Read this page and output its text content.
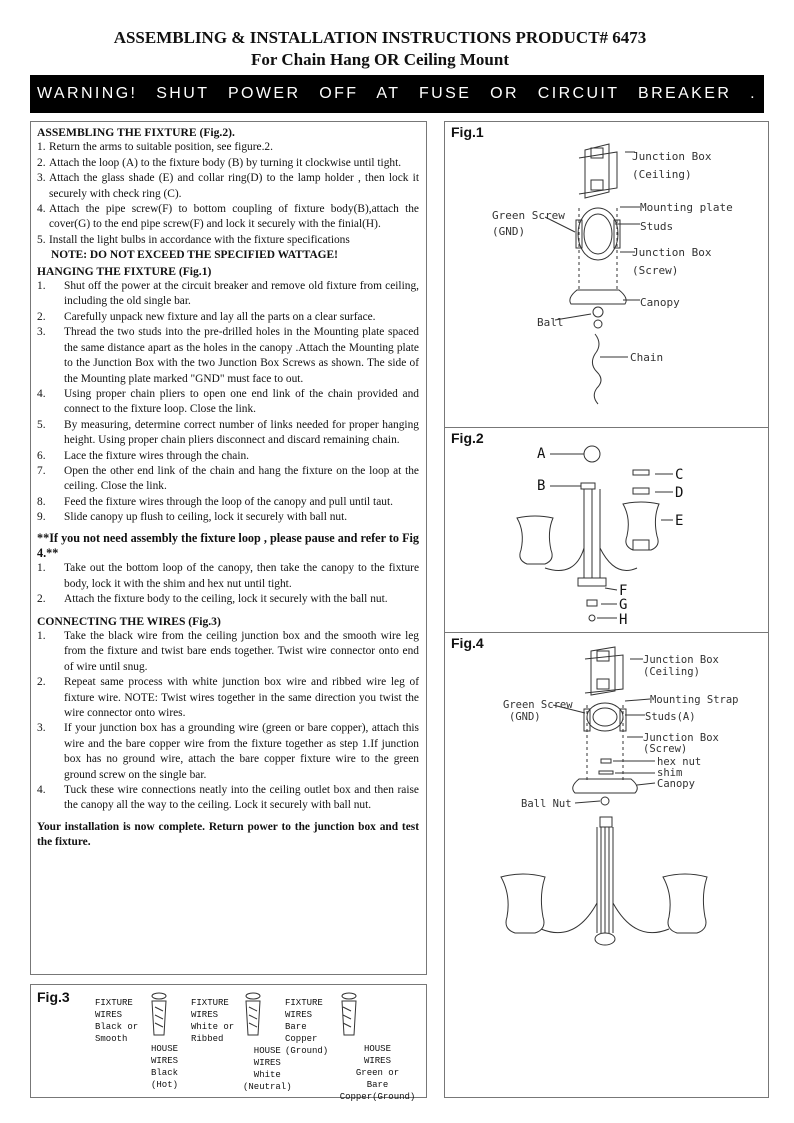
ASSEMBLING & INSTALLATION INSTRUCTIONS PRODUCT# 6473
For Chain Hang OR Ceiling Mount
WARNING! SHUT POWER OFF AT FUSE OR CIRCUIT BREAKER .
ASSEMBLING THE FIXTURE (Fig.2).
1. Return the arms to suitable position, see figure.2.
2. Attach the loop (A) to the fixture body (B) by turning it clockwise until tight.
3. Attach the glass shade (E) and collar ring(D) to the lamp holder , then lock it securely with check ring (C).
4. Attach the pipe screw(F) to bottom coupling of fixture body(B),attach the cover(G) to the end pipe screw(F) and lock it securely with the finial(H).
5. Install the light bulbs in accordance with the fixture specifications
NOTE: DO NOT EXCEED THE SPECIFIED WATTAGE!
HANGING THE FIXTURE (Fig.1)
1. Shut off the power at the circuit breaker and remove old fixture from ceiling, including the old single bar.
2. Carefully unpack new fixture and lay all the parts on a clear surface.
3. Thread the two studs into the pre-drilled holes in the Mounting plate spaced the same distance apart as the holes in the canopy .Attach the Mounting plate to the Junction Box with the two Junction Box Screws as shown. The side of the Mounting plate marked "GND" must face to out.
4. Using proper chain pliers to open one end link of the chain provided and connect to the fixture loop. Close the link.
5. By measuring, determine correct number of links needed for proper hanging height. Using proper chain pliers disconnect and discard remaining chain.
6. Lace the fixture wires through the chain.
7. Open the other end link of the chain and hang the fixture on the loop at the ceiling. Close the link.
8. Feed the fixture wires through the loop of the canopy and pull until taut.
9. Slide canopy up flush to ceiling, lock it securely with ball nut.
**If you not need assembly the fixture loop , please pause and refer to Fig 4.**
1. Take out the bottom loop of the canopy, then take the canopy to the fixture body, lock it with the shim and hex nut until tight.
2. Attach the fixture body to the ceiling, lock it securely with the ball nut.
CONNECTING THE WIRES (Fig.3)
1. Take the black wire from the ceiling junction box and the smooth wire leg from the fixture and twist bare ends together. Twist wire connector onto end of wire until snug.
2. Repeat same process with white junction box wire and ribbed wire leg of fixture wire. NOTE: Twist wires together in the same direction you twist the wire connector onto wires.
3. If your junction box has a grounding wire (green or bare copper), attach this wire and the bare copper wire from the fixture together as step 1.If junction box has no ground wire, attach the bare copper fixture wire to the green ground screw on the single bar.
4. Tuck these wire connections neatly into the ceiling outlet box and then raise the canopy all the way to the ceiling. Lock it securely with ball nut.
Your installation is now complete. Return power to the junction box and test the fixture.
Fig.1
Junction Box
(Ceiling)
Mounting plate
Studs
Junction Box
(Screw)
Green Screw
(GND)
Canopy
Ball
Chain
Fig.2
A
B
C
D
E
F
G
H
Fig.4
Junction Box
(Ceiling)
Mounting Strap
Studs(A)
Junction Box
(Screw)
Green Screw
(GND)
hex nut
shim
Canopy
Ball Nut
Fig.3	FIXTURE
WIRES
Black or
Smooth
HOUSE
WIRES
Black
(Hot)
FIXTURE
WIRES
White or
Ribbed
HOUSE
WIRES
White
(Neutral)
FIXTURE
WIRES
Bare
Copper
(Ground)	HOUSE
WIRES
Green or
Bare Copper(Ground)
